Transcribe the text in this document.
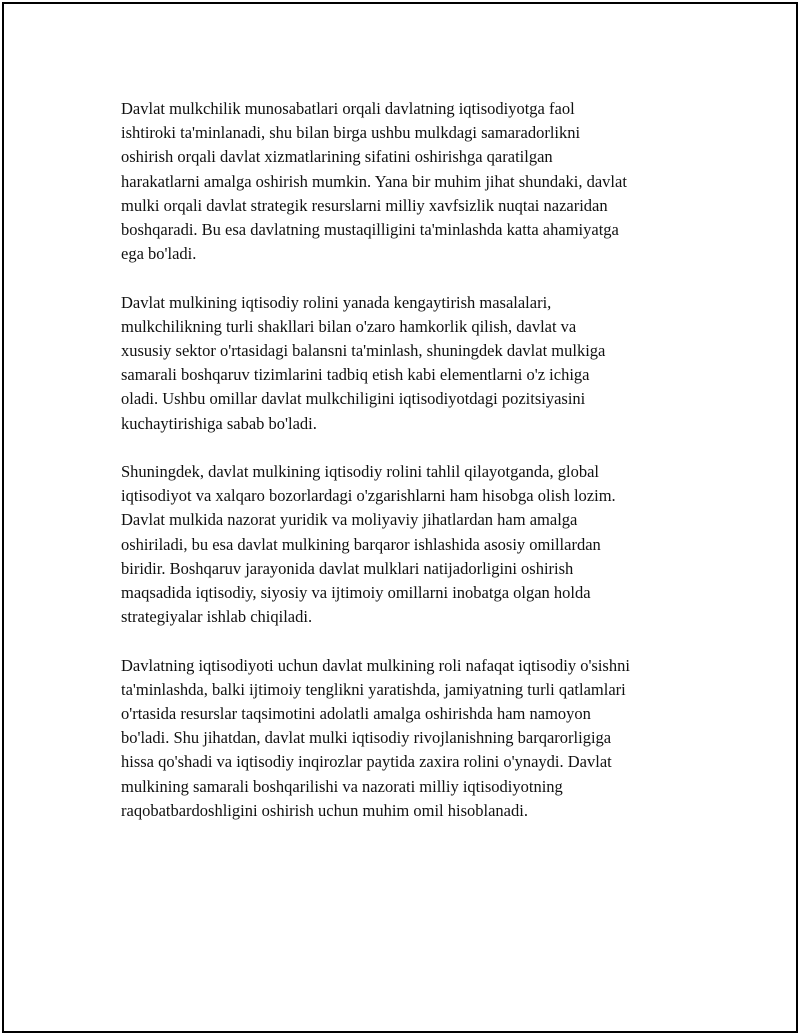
Davlat mulkchilik munosabatlari orqali davlatning iqtisodiyotga faol
ishtiroki ta'minlanadi, shu bilan birga ushbu mulkdagi samaradorlikni
oshirish orqali davlat xizmatlarining sifatini oshirishga qaratilgan
harakatlarni amalga oshirish mumkin. Yana bir muhim jihat shundaki, davlat
mulki orqali davlat strategik resurslarni milliy xavfsizlik nuqtai nazaridan
boshqaradi. Bu esa davlatning mustaqilligini ta'minlashda katta ahamiyatga
ega bo'ladi.

Davlat mulkining iqtisodiy rolini yanada kengaytirish masalalari,
mulkchilikning turli shakllari bilan o'zaro hamkorlik qilish, davlat va
xususiy sektor o'rtasidagi balansni ta'minlash, shuningdek davlat mulkiga
samarali boshqaruv tizimlarini tadbiq etish kabi elementlarni o'z ichiga
oladi. Ushbu omillar davlat mulkchiligini iqtisodiyotdagi pozitsiyasini
kuchaytirishiga sabab bo'ladi.

Shuningdek, davlat mulkining iqtisodiy rolini tahlil qilayotganda, global
iqtisodiyot va xalqaro bozorlardagi o'zgarishlarni ham hisobga olish lozim.
Davlat mulkida nazorat yuridik va moliyaviy jihatlardan ham amalga
oshiriladi, bu esa davlat mulkining barqaror ishlashida asosiy omillardan
biridir. Boshqaruv jarayonida davlat mulklari natijadorligini oshirish
maqsadida iqtisodiy, siyosiy va ijtimoiy omillarni inobatga olgan holda
strategiyalar ishlab chiqiladi.

Davlatning iqtisodiyoti uchun davlat mulkining roli nafaqat iqtisodiy o'sishni
ta'minlashda, balki ijtimoiy tenglikni yaratishda, jamiyatning turli qatlamlari
o'rtasida resurslar taqsimotini adolatli amalga oshirishda ham namoyon
bo'ladi. Shu jihatdan, davlat mulki iqtisodiy rivojlanishning barqarorligiga
hissa qo'shadi va iqtisodiy inqirozlar paytida zaxira rolini o'ynaydi. Davlat
mulkining samarali boshqarilishi va nazorati milliy iqtisodiyotning
raqobatbardoshligini oshirish uchun muhim omil hisoblanadi.
